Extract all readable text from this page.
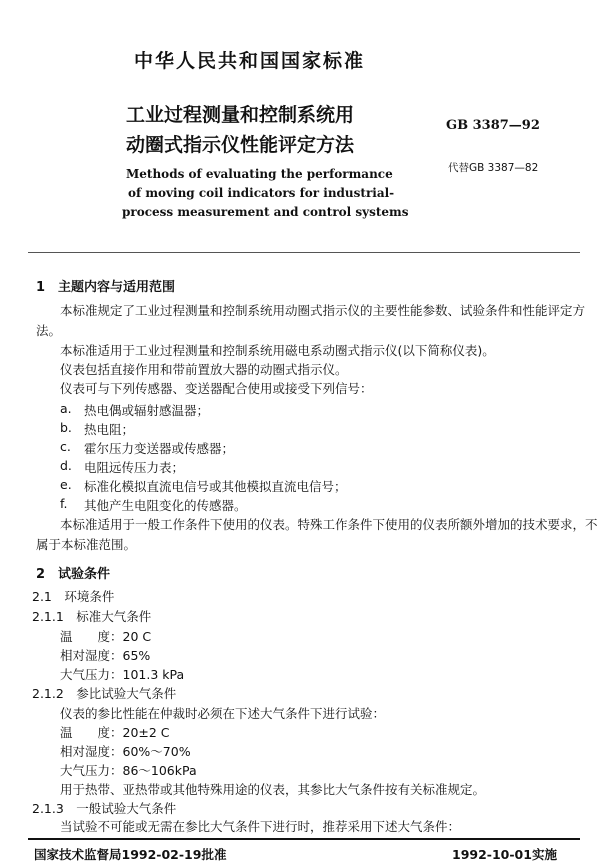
中华人民共和国国家标准
工业过程测量和控制系统用
动圈式指示仪性能评定方法
GB 3387—92
代替GB 3387—82
Methods of evaluating the performance
of moving coil indicators for industrial-
process measurement and control systems
1　主题内容与适用范围
本标准规定了工业过程测量和控制系统用动圈式指示仪的主要性能参数、试验条件和性能评定方
法。
本标准适用于工业过程测量和控制系统用磁电系动圈式指示仪(以下简称仪表)。
仪表包括直接作用和带前置放大器的动圈式指示仪。
仪表可与下列传感器、变送器配合使用或接受下列信号：
a. 热电偶或辐射感温器；
b. 热电阻；
c. 霍尔压力变送器或传感器；
d. 电阻远传压力表；
e. 标准化模拟直流电信号或其他模拟直流电信号；
f. 其他产生电阻变化的传感器。
本标准适用于一般工作条件下使用的仪表。特殊工作条件下使用的仪表所额外增加的技术要求，不
属于本标准范围。
2　试验条件
2.1　环境条件
2.1.1　标准大气条件
温　　度：20 C
相对湿度：65%
大气压力：101.3 kPa
2.1.2　参比试验大气条件
仪表的参比性能在仲裁时必须在下述大气条件下进行试验：
温　　度：20±2 C
相对湿度：60%～70%
大气压力：86～106kPa
用于热带、亚热带或其他特殊用途的仪表，其参比大气条件按有关标准规定。
2.1.3　一般试验大气条件
当试验不可能或无需在参比大气条件下进行时，推荐采用下述大气条件：
国家技术监督局1992-02-19批准	1992-10-01实施
